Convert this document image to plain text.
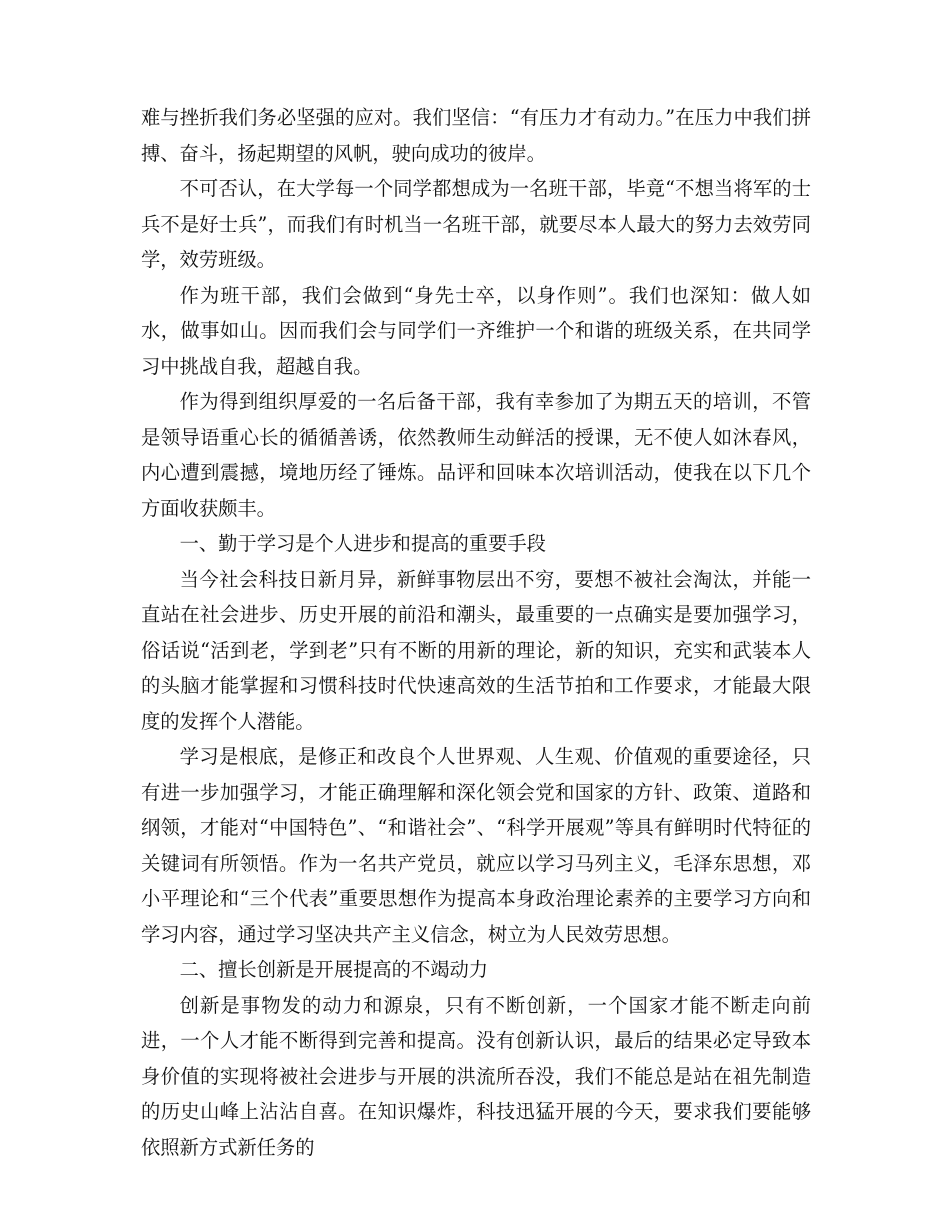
难与挫折我们务必坚强的应对。我们坚信：“有压力才有动力。”在压力中我们拼搏、奋斗，扬起期望的风帆，驶向成功的彼岸。

不可否认，在大学每一个同学都想成为一名班干部，毕竟“不想当将军的士兵不是好士兵”，而我们有时机当一名班干部，就要尽本人最大的努力去效劳同学，效劳班级。

作为班干部，我们会做到“身先士卒，以身作则”。我们也深知：做人如水，做事如山。因而我们会与同学们一齐维护一个和谐的班级关系，在共同学习中挑战自我，超越自我。

作为得到组织厚爱的一名后备干部，我有幸参加了为期五天的培训，不管是领导语重心长的循循善诱，依然教师生动鲜活的授课，无不使人如沐春风，内心遭到震撼，境地历经了锤炼。品评和回味本次培训活动，使我在以下几个方面收获颇丰。

一、勤于学习是个人进步和提高的重要手段

当今社会科技日新月异，新鲜事物层出不穷，要想不被社会淘汰，并能一直站在社会进步、历史开展的前沿和潮头，最重要的一点确实是要加强学习，俗话说“活到老，学到老”只有不断的用新的理论，新的知识，充实和武装本人的头脑才能掌握和习惯科技时代快速高效的生活节拍和工作要求，才能最大限度的发挥个人潜能。

学习是根底，是修正和改良个人世界观、人生观、价值观的重要途径，只有进一步加强学习，才能正确理解和深化领会党和国家的方针、政策、道路和纲领，才能对“中国特色”、“和谐社会”、“科学开展观”等具有鲜明时代特征的关键词有所领悟。作为一名共产党员，就应以学习马列主义，毛泽东思想，邓小平理论和“三个代表”重要思想作为提高本身政治理论素养的主要学习方向和学习内容，通过学习坚决共产主义信念，树立为人民效劳思想。

二、擅长创新是开展提高的不竭动力

创新是事物发的动力和源泉，只有不断创新，一个国家才能不断走向前进，一个人才能不断得到完善和提高。没有创新认识，最后的结果必定导致本身价值的实现将被社会进步与开展的洪流所吞没，我们不能总是站在祖先制造的历史山峰上沾沾自喜。在知识爆炸，科技迅猛开展的今天，要求我们要能够依照新方式新任务的
